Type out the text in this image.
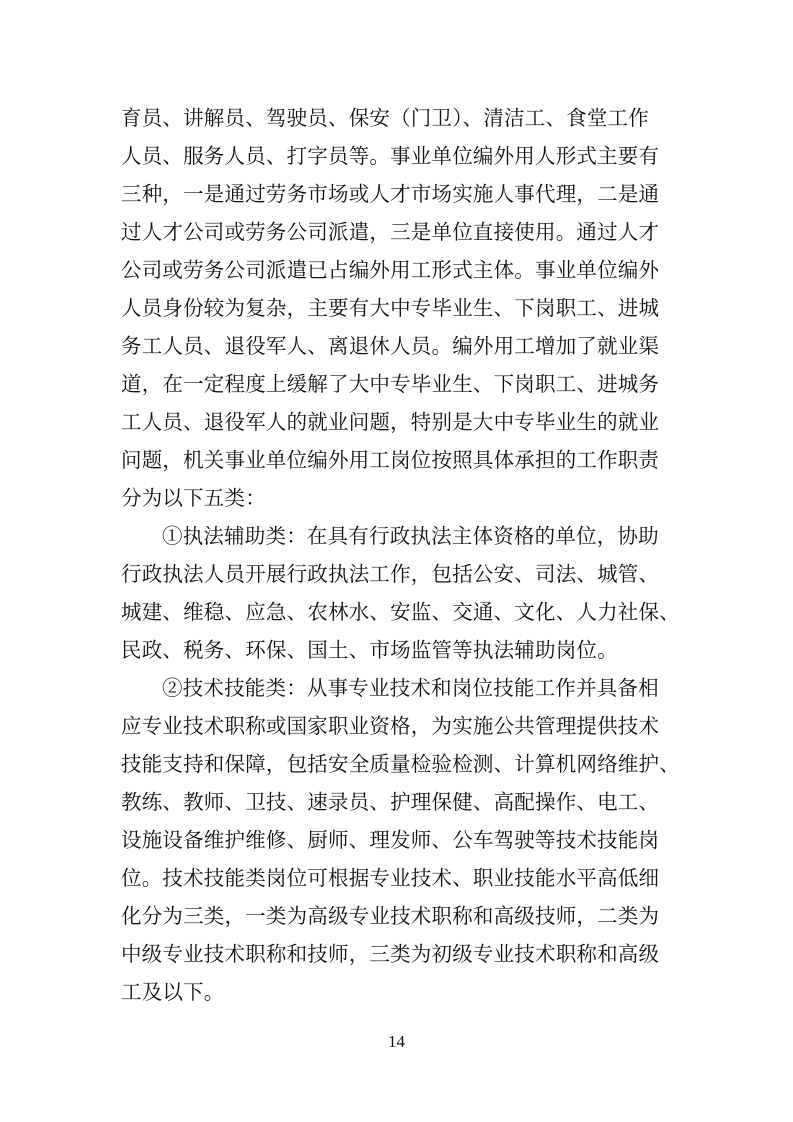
育员、讲解员、驾驶员、保安（门卫）、清洁工、食堂工作
人员、服务人员、打字员等。事业单位编外用人形式主要有
三种，一是通过劳务市场或人才市场实施人事代理，二是通
过人才公司或劳务公司派遣，三是单位直接使用。通过人才
公司或劳务公司派遣已占编外用工形式主体。事业单位编外
人员身份较为复杂，主要有大中专毕业生、下岗职工、进城
务工人员、退役军人、离退休人员。编外用工增加了就业渠
道，在一定程度上缓解了大中专毕业生、下岗职工、进城务
工人员、退役军人的就业问题，特别是大中专毕业生的就业
问题，机关事业单位编外用工岗位按照具体承担的工作职责
分为以下五类：
①执法辅助类：在具有行政执法主体资格的单位，协助
行政执法人员开展行政执法工作，包括公安、司法、城管、
城建、维稳、应急、农林水、安监、交通、文化、人力社保、
民政、税务、环保、国土、市场监管等执法辅助岗位。
②技术技能类：从事专业技术和岗位技能工作并具备相
应专业技术职称或国家职业资格，为实施公共管理提供技术
技能支持和保障，包括安全质量检验检测、计算机网络维护、
教练、教师、卫技、速录员、护理保健、高配操作、电工、
设施设备维护维修、厨师、理发师、公车驾驶等技术技能岗
位。技术技能类岗位可根据专业技术、职业技能水平高低细
化分为三类，一类为高级专业技术职称和高级技师，二类为
中级专业技术职称和技师，三类为初级专业技术职称和高级
工及以下。
14
